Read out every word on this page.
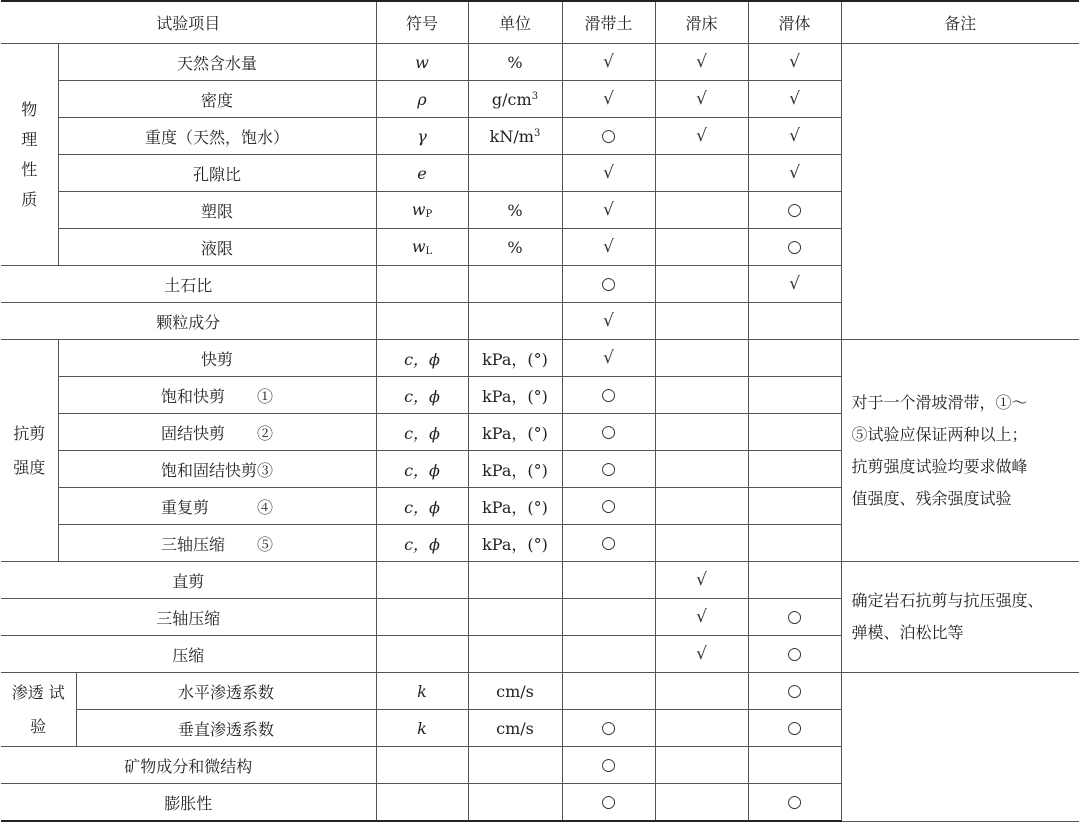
试验项目			符号	单位	滑带土	滑床	滑体	备注

物理性质	天然含水量		w	%	√	√	√	
	密度		ρ	$g/cm^3$	√	√	√	
	重度（天然，饱水）		γ	$kN/m^3$	○	√	√	
	孔隙比		e		√		√	
	塑限		$w_P$	%	√		○	
	液限		$w_L$	%	√		○	
土石比					○		√	
颗粒成分					√			
抗剪 强度	快剪		c，ϕ	kPa，(°)	√			对于一个滑坡滑带，①～
⑤试验应保证两种以上；
抗剪强度试验均要求做峰
值强度、残余强度试验

	饱和快剪　　①		c，ϕ	kPa，(°)	○			
	固结快剪　　②		c，ϕ	kPa，(°)	○			
	饱和固结快剪③		c，ϕ	kPa，(°)	○			
	重复剪　　　④		c，ϕ	kPa，(°)	○			
	三轴压缩　　⑤		c，ϕ	kPa，(°)	○			
直剪						√		确定岩石抗剪与抗压强度、
弹模、泊松比等

三轴压缩						√	○	
压缩						√	○	
渗透 试验		水平渗透系数	k	cm/s			○	
		垂直渗透系数	k	cm/s	○		○	
矿物成分和微结构					○			
膨胀性					○		○	
